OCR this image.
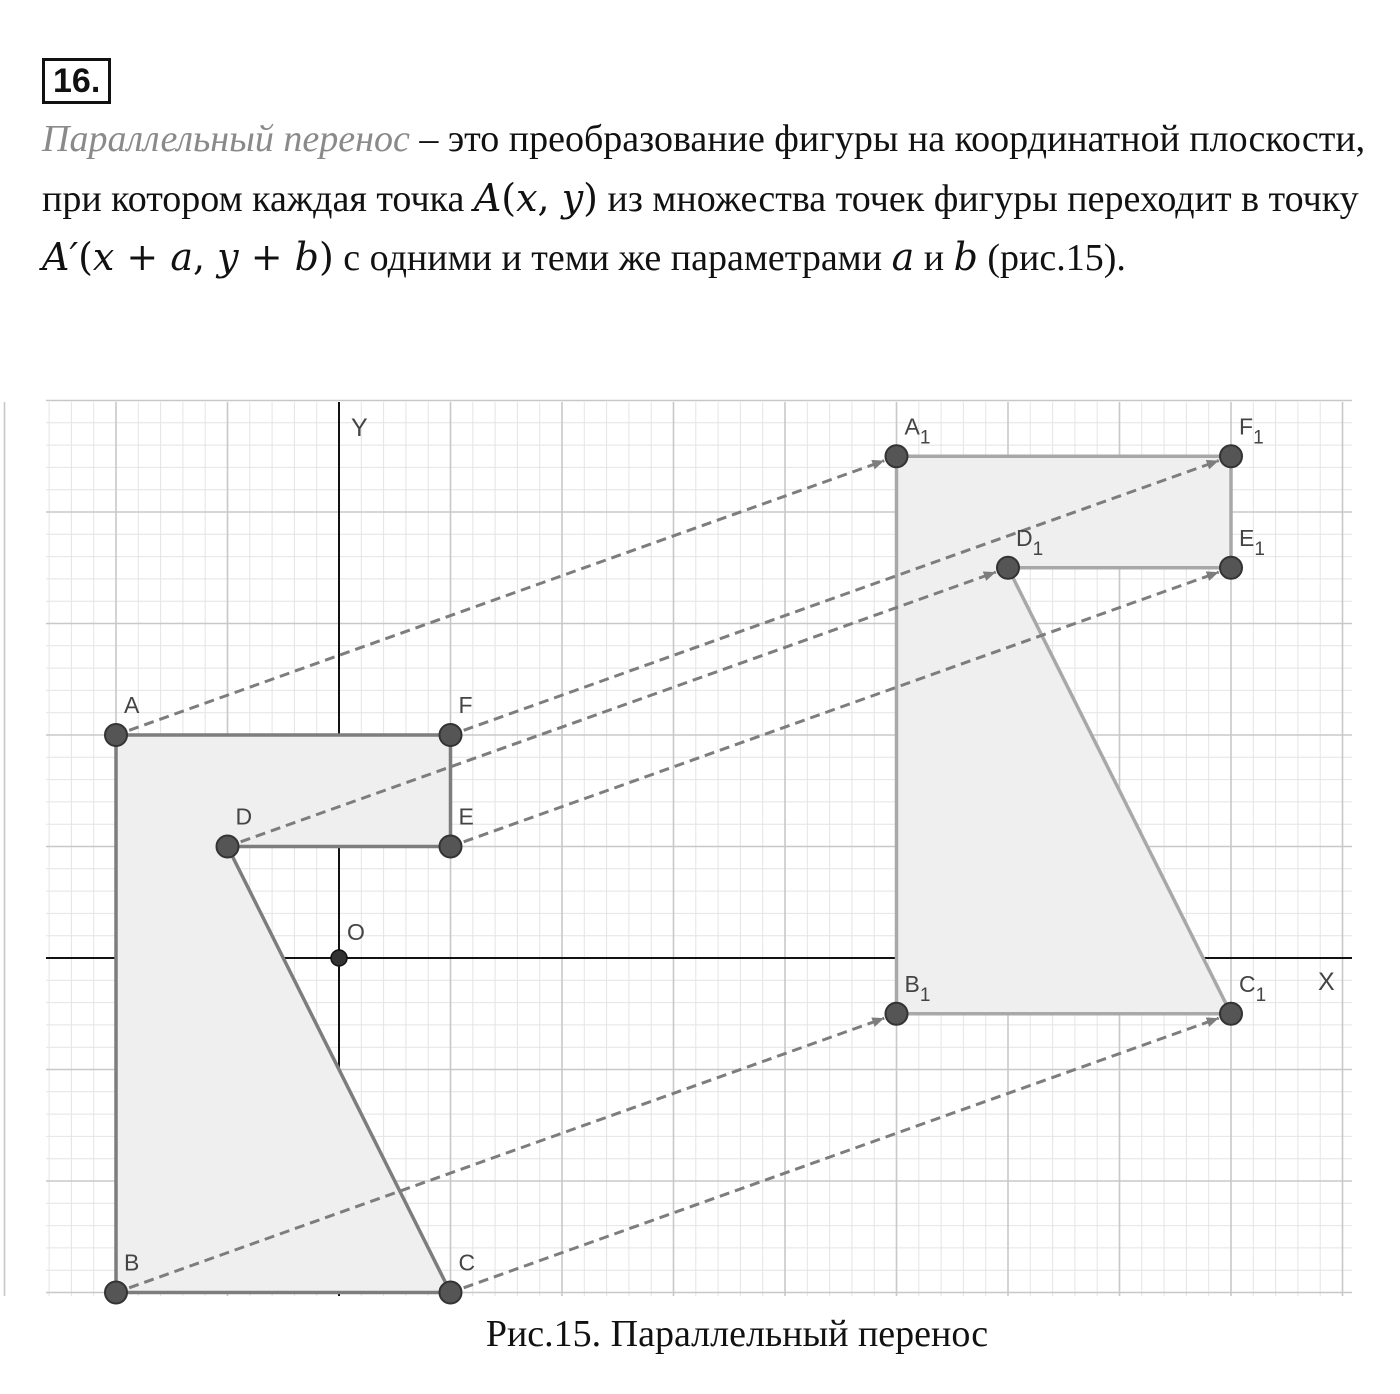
16.

Параллельный перенос – это преобразование фигуры на координатной плоскости, при котором каждая точка A(x, y) из множества точек фигуры переходит в точку A′(x + a, y + b) с одними и теми же параметрами a и b (рис.15).

Y
X
O
A
B	C
D	E
F
$A_1$
$B_1$	$C_1$
$D_1$	$E_1$
$F_1$
Рис.15. Параллельный перенос
